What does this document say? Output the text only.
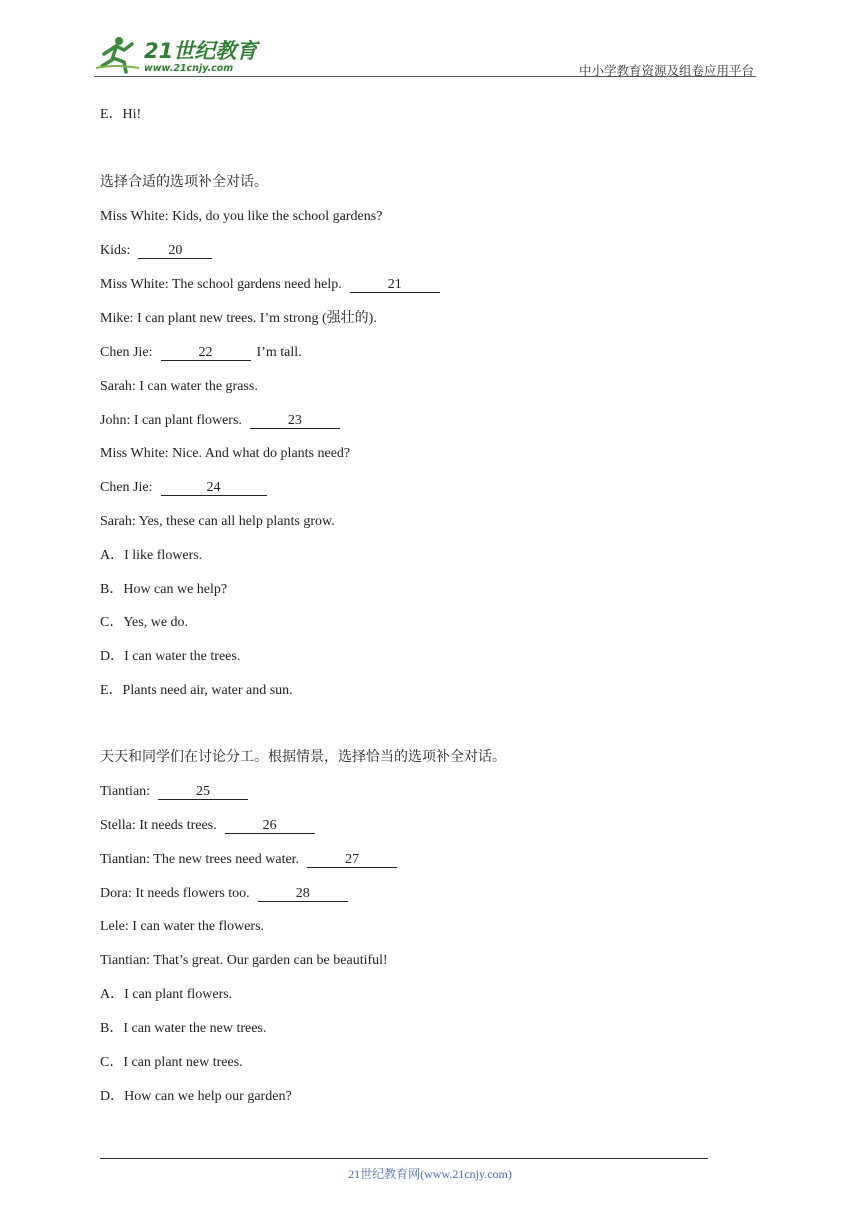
21世纪教育
www.21cnjy.com	中小学教育资源及组卷应用平台
E．Hi!
选择合适的选项补全对话。
Miss White: Kids, do you like the school gardens?
Kids:	20
Miss White: The school gardens need help.	21
Mike: I can plant new trees. I’m strong (强壮的).
Chen Jie:	22	I’m tall.
Sarah: I can water the grass.
John: I can plant flowers.	23
Miss White: Nice. And what do plants need?
Chen Jie:	24
Sarah: Yes, these can all help plants grow.
A．I like flowers.
B．How can we help?
C．Yes, we do.
D．I can water the trees.
E．Plants need air, water and sun.
天天和同学们在讨论分工。根据情景，选择恰当的选项补全对话。
Tiantian:	25
Stella: It needs trees.	26
Tiantian: The new trees need water.	27
Dora: It needs flowers too.	28
Lele: I can water the flowers.
Tiantian: That’s great. Our garden can be beautiful!
A．I can plant flowers.
B．I can water the new trees.
C．I can plant new trees.
D．How can we help our garden?
21世纪教育网(www.21cnjy.com)
